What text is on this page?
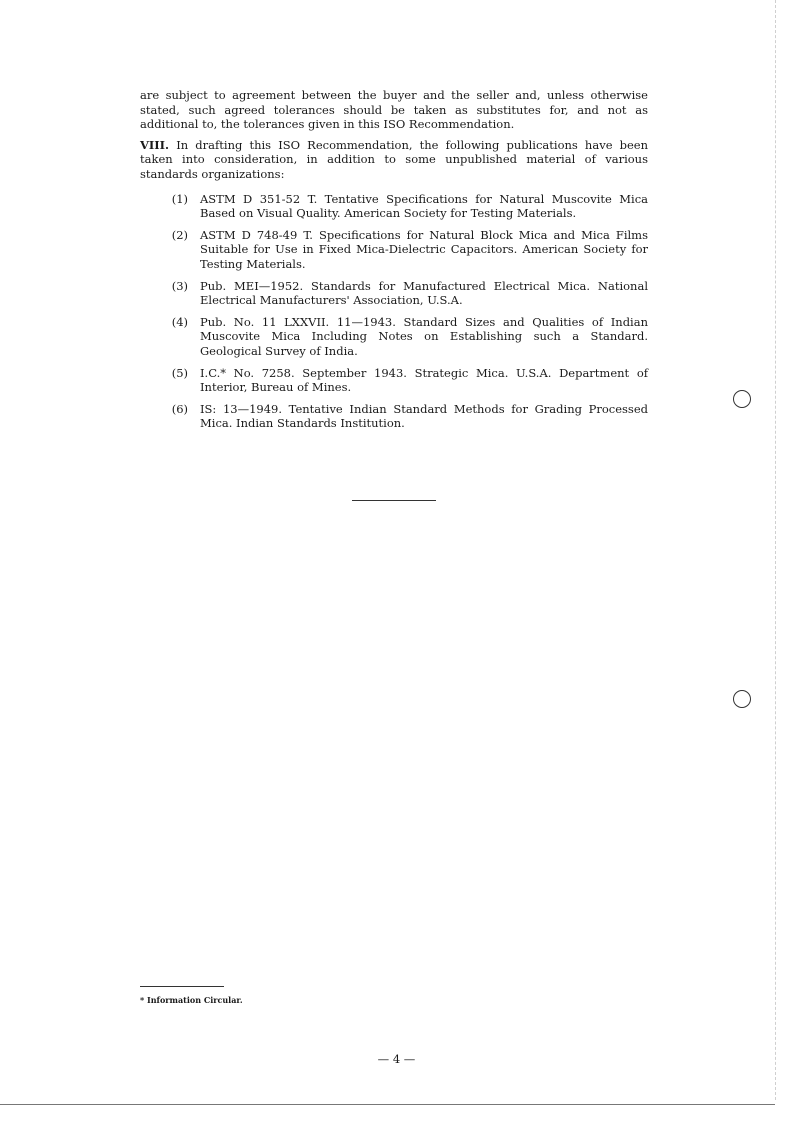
are subject to agreement between the buyer and the seller and, unless otherwise stated, such agreed tolerances should be taken as substitutes for, and not as additional to, the tolerances given in this ISO Recommendation.

VIII. In drafting this ISO Recommendation, the following publications have been taken into consideration, in addition to some unpublished material of various standards organizations:

(1)	ASTM D 351-52 T. Tentative Specifications for Natural Muscovite Mica Based on Visual Quality. American Society for Testing Materials.
(2)	ASTM D 748-49 T. Specifications for Natural Block Mica and Mica Films Suitable for Use in Fixed Mica-Dielectric Capacitors. American Society for Testing Materials.
(3)	Pub. MEI—1952. Standards for Manufactured Electrical Mica. National Electrical Manufacturers' Association, U.S.A.
(4)	Pub. No. 11 LXXVII. 11—1943. Standard Sizes and Qualities of Indian Muscovite Mica Including Notes on Establishing such a Standard. Geological Survey of India.
(5)	I.C.* No. 7258. September 1943. Strategic Mica. U.S.A. Department of Interior, Bureau of Mines.
(6)	IS: 13—1949. Tentative Indian Standard Methods for Grading Processed Mica. Indian Standards Institution.
* Information Circular.
— 4 —
